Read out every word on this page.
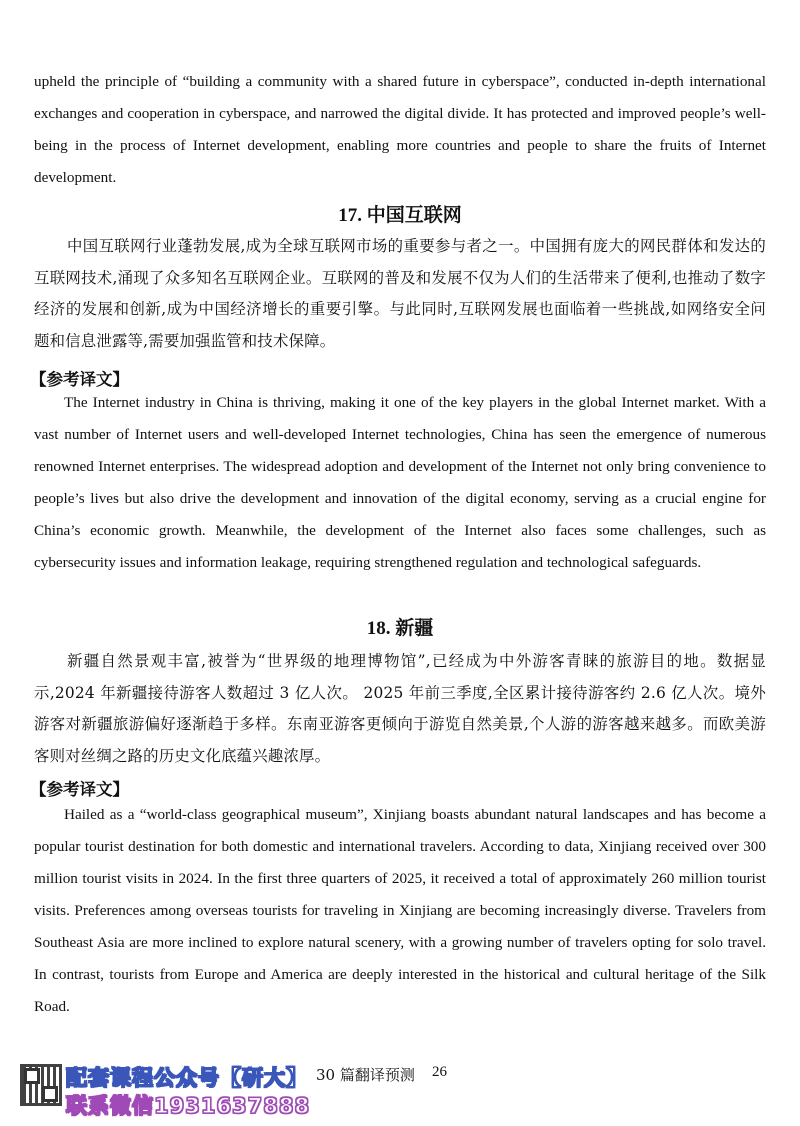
upheld the principle of “building a community with a shared future in cyberspace”, conducted in-depth international exchanges and cooperation in cyberspace, and narrowed the digital divide. It has protected and improved people’s well-being in the process of Internet development, enabling more countries and people to share the fruits of Internet development.

17. 中国互联网

中国互联网行业蓬勃发展,成为全球互联网市场的重要参与者之一。中国拥有庞大的网民群体和发达的互联网技术,涌现了众多知名互联网企业。互联网的普及和发展不仅为人们的生活带来了便利,也推动了数字经济的发展和创新,成为中国经济增长的重要引擎。与此同时,互联网发展也面临着一些挑战,如网络安全问题和信息泄露等,需要加强监管和技术保障。

【参考译文】

The Internet industry in China is thriving, making it one of the key players in the global Internet market. With a vast number of Internet users and well-developed Internet technologies, China has seen the emergence of numerous renowned Internet enterprises. The widespread adoption and development of the Internet not only bring convenience to people’s lives but also drive the development and innovation of the digital economy, serving as a crucial engine for China’s economic growth. Meanwhile, the development of the Internet also faces some challenges, such as cybersecurity issues and information leakage, requiring strengthened regulation and technological safeguards.

18. 新疆

新疆自然景观丰富,被誉为“世界级的地理博物馆”,已经成为中外游客青睐的旅游目的地。数据显示,2024 年新疆接待游客人数超过 3 亿人次。 2025 年前三季度,全区累计接待游客约 2.6 亿人次。境外游客对新疆旅游偏好逐渐趋于多样。东南亚游客更倾向于游览自然美景,个人游的游客越来越多。而欧美游客则对丝绸之路的历史文化底蕴兴趣浓厚。

【参考译文】

Hailed as a “world-class geographical museum”, Xinjiang boasts abundant natural landscapes and has become a popular tourist destination for both domestic and international travelers. According to data, Xinjiang received over 300 million tourist visits in 2024. In the first three quarters of 2025, it received a total of approximately 260 million tourist visits. Preferences among overseas tourists for traveling in Xinjiang are becoming increasingly diverse. Travelers from Southeast Asia are more inclined to explore natural scenery, with a growing number of travelers opting for solo travel. In contrast, tourists from Europe and America are deeply interested in the historical and cultural heritage of the Silk Road.

配套课程公众号【研大】
联系微信1931637888
30 篇翻译预测 26
